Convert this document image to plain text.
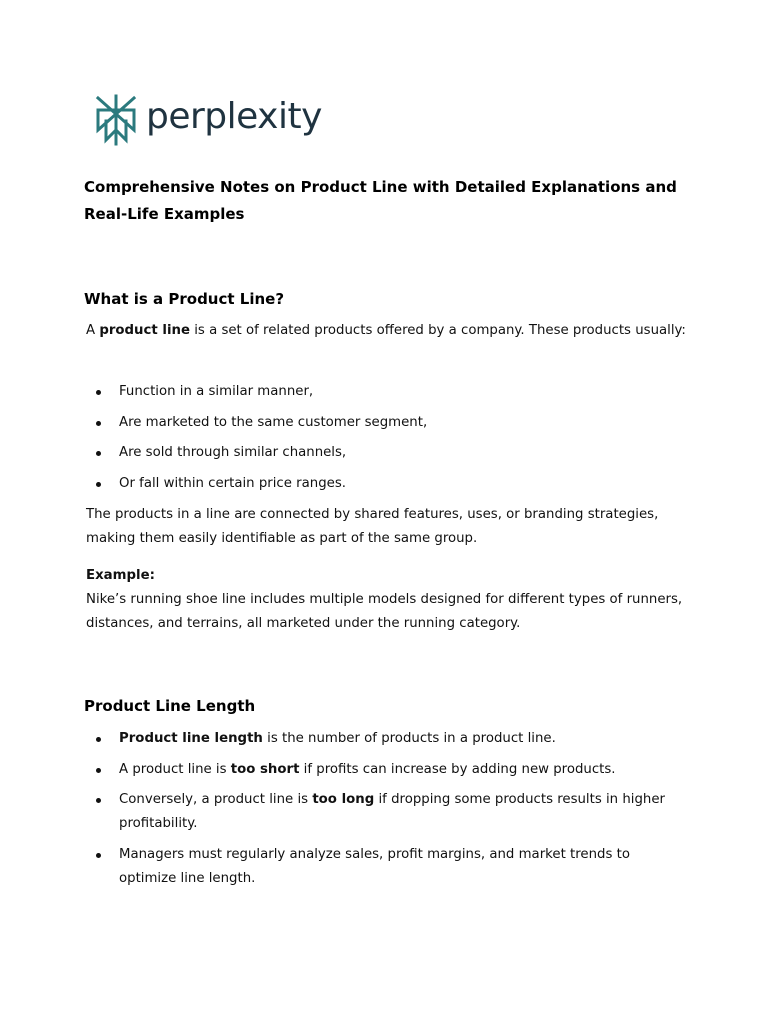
perplexity
Comprehensive Notes on Product Line with Detailed Explanations and Real-Life Examples
What is a Product Line?

A product line is a set of related products offered by a company. These products usually:

Function in a similar manner,
Are marketed to the same customer segment,
Are sold through similar channels,
Or fall within certain price ranges.

The products in a line are connected by shared features, uses, or branding strategies, making them easily identifiable as part of the same group.

Example:

Nike’s running shoe line includes multiple models designed for different types of runners, distances, and terrains, all marketed under the running category.

Product Line Length
Product line length is the number of products in a product line.
A product line is too short if profits can increase by adding new products.
Conversely, a product line is too long if dropping some products results in higher profitability.
Managers must regularly analyze sales, profit margins, and market trends to optimize line length.
